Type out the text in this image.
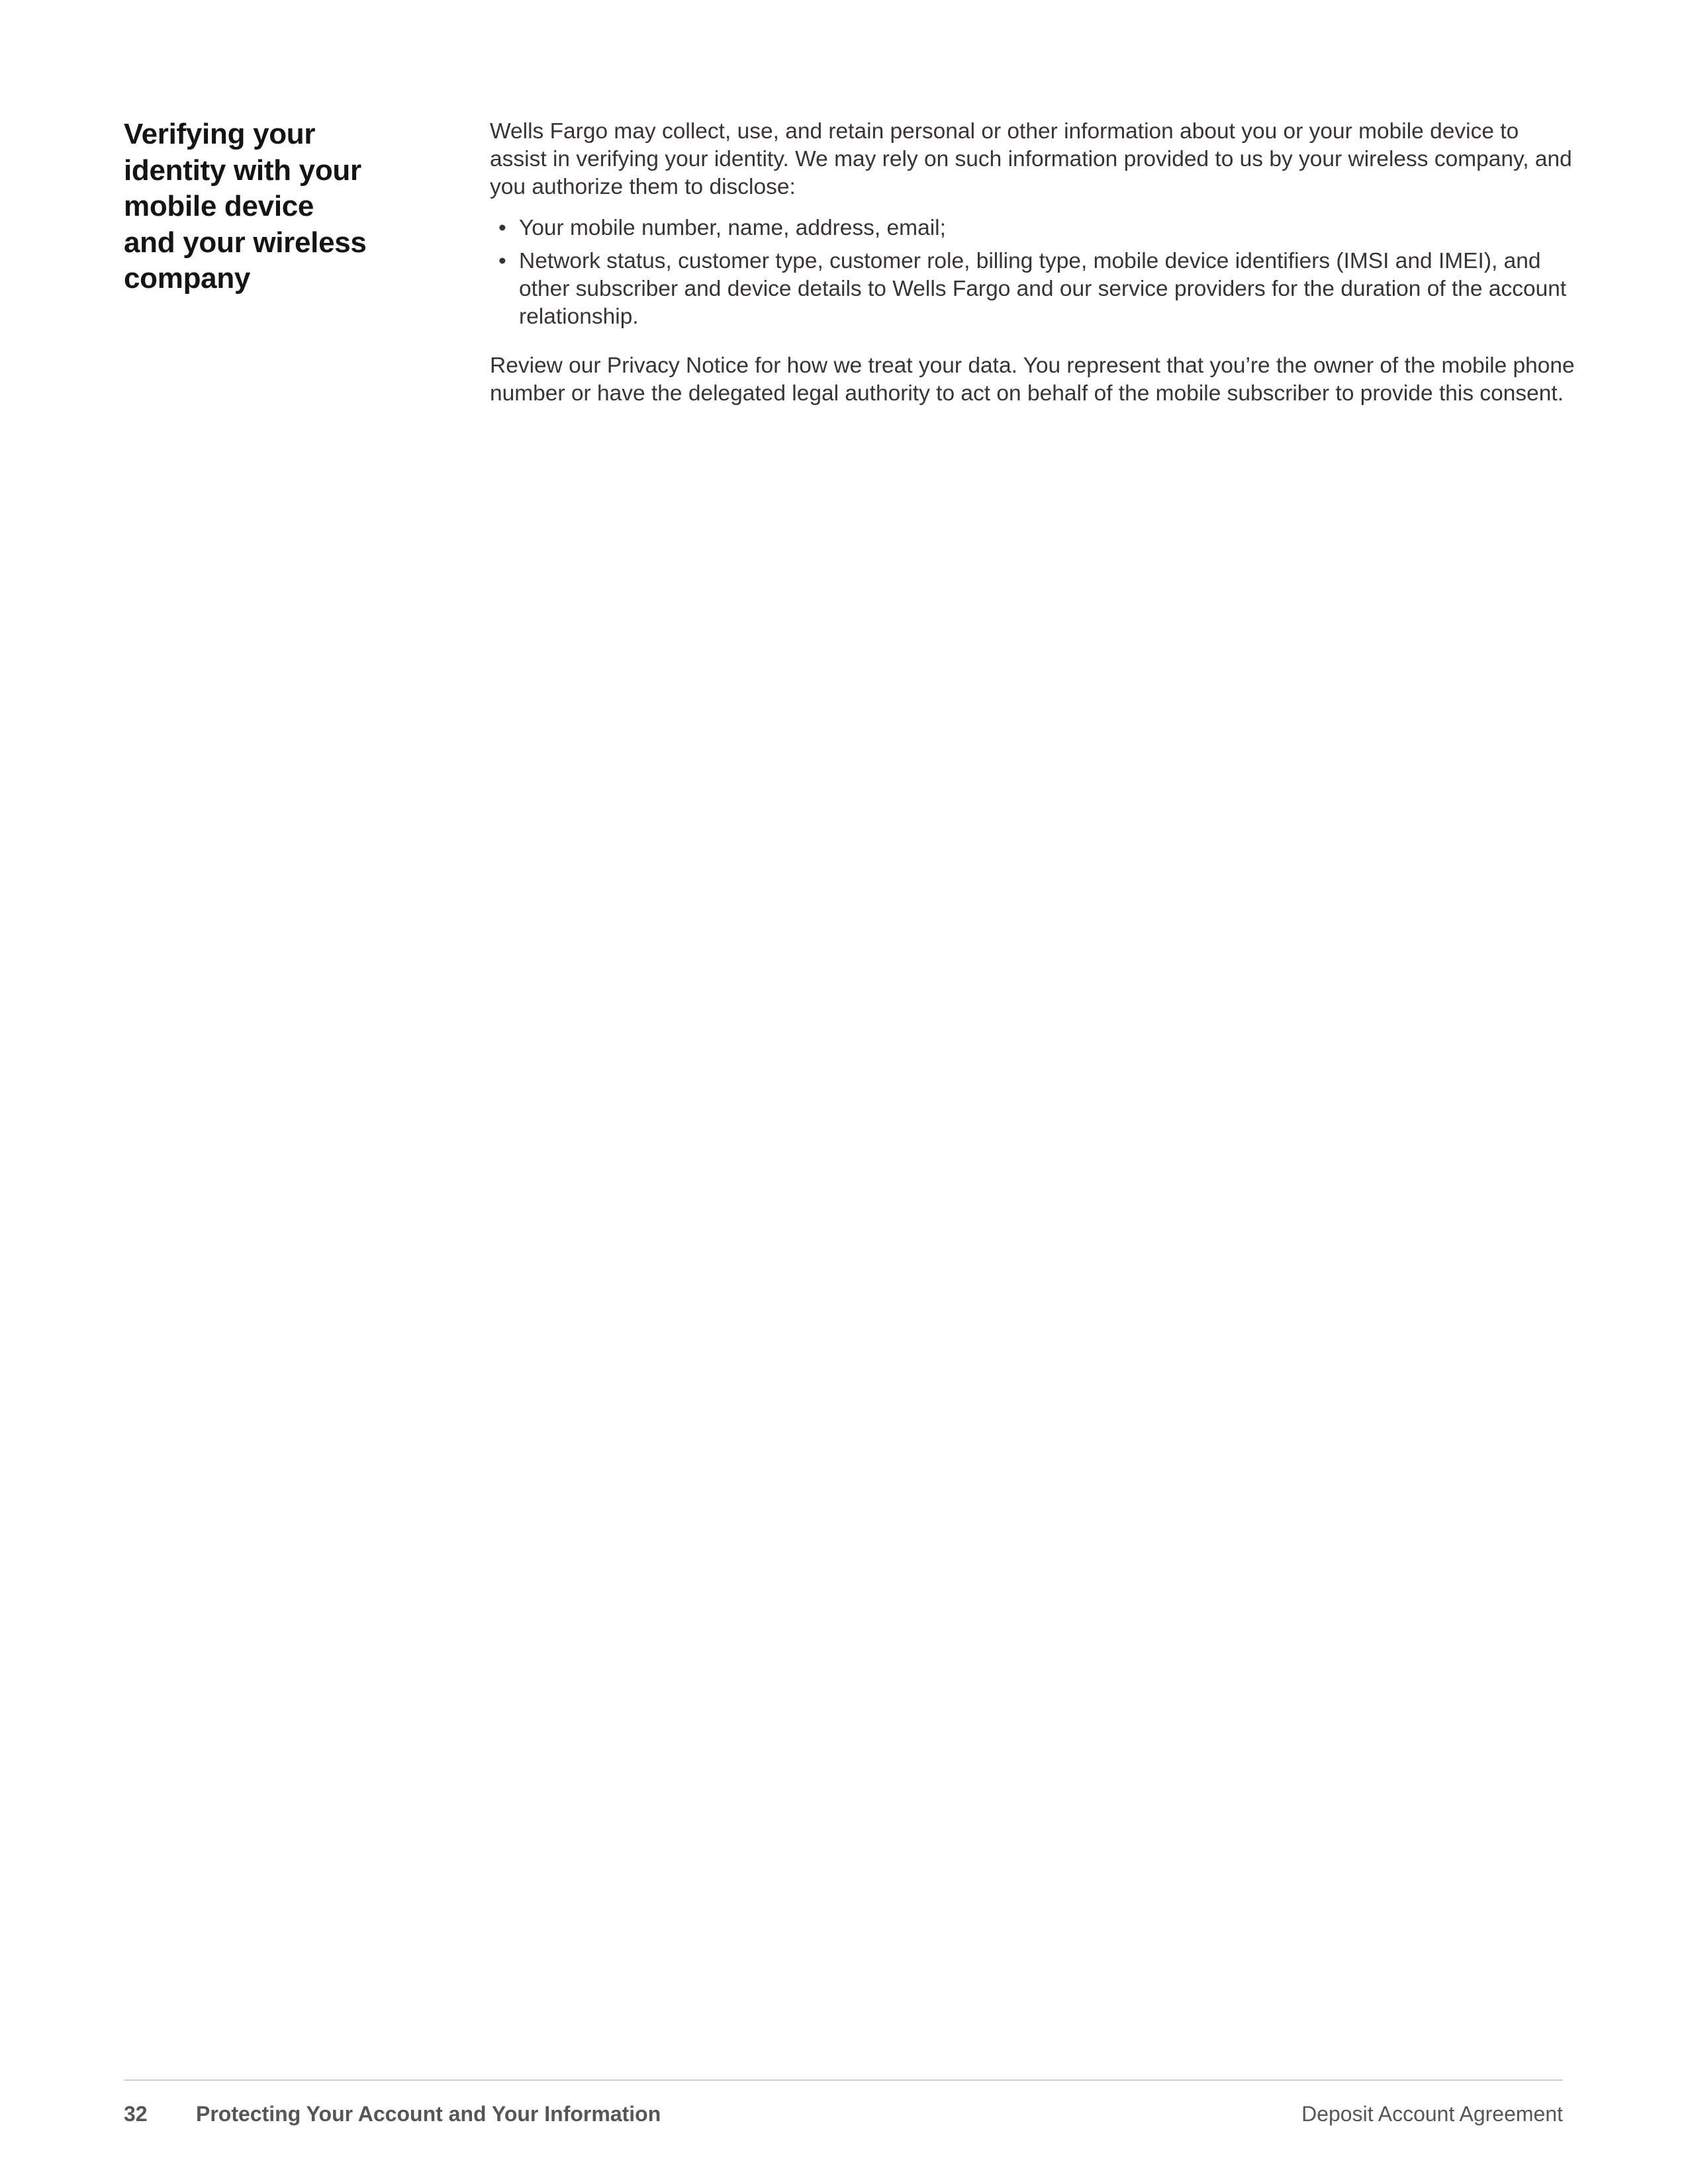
Verifying your
identity with your
mobile device
and your wireless
company

Wells Fargo may collect, use, and retain personal or other information about you or your mobile device to assist in verifying your identity. We may rely on such information provided to us by your wireless company, and you authorize them to disclose:

• Your mobile number, name, address, email;
• Network status, customer type, customer role, billing type, mobile device identifiers (IMSI and IMEI), and other subscriber and device details to Wells Fargo and our service providers for the duration of the account relationship.

Review our Privacy Notice for how we treat your data. You represent that you’re the owner of the mobile phone number or have the delegated legal authority to act on behalf of the mobile subscriber to provide this consent.

32 Protecting Your Account and Your Information	Deposit Account Agreement
